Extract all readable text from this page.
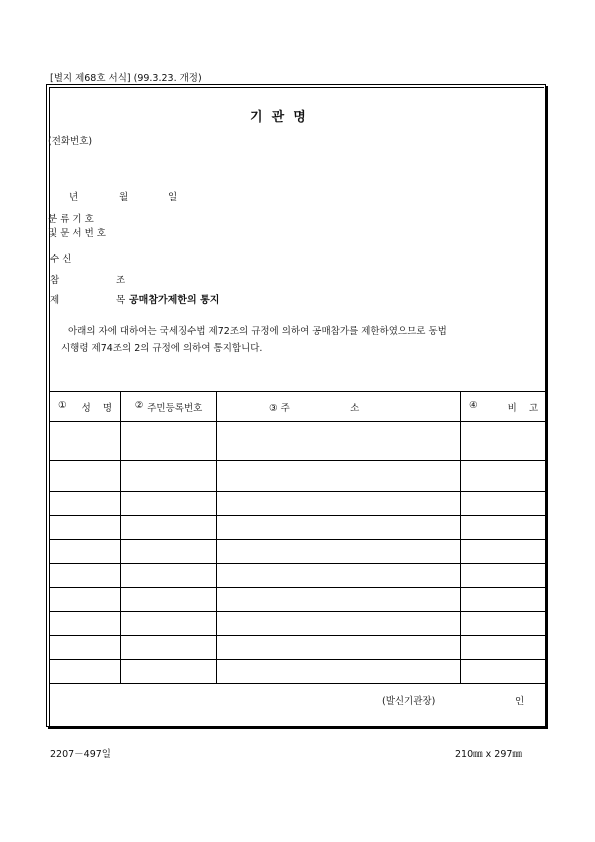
[별지 제68호 서식] (99.3.23. 개정)
기  관  명
(전화번호)
년	월	일
분 류 기 호
및 문 서 번 호
수 신
참	조
제	목 공매참가제한의 통지
아래의 자에 대하여는 국세징수법 제72조의 규정에 의하여 공매참가를 제한하였으므로 동법
시행령 제74조의 2의 규정에 의하여 통지합니다.
① 성    명	② 주민등록번호	③ 주                    소	④ 비    고

(발신기관장)	인
2207－497일	210㎜ x 297㎜
